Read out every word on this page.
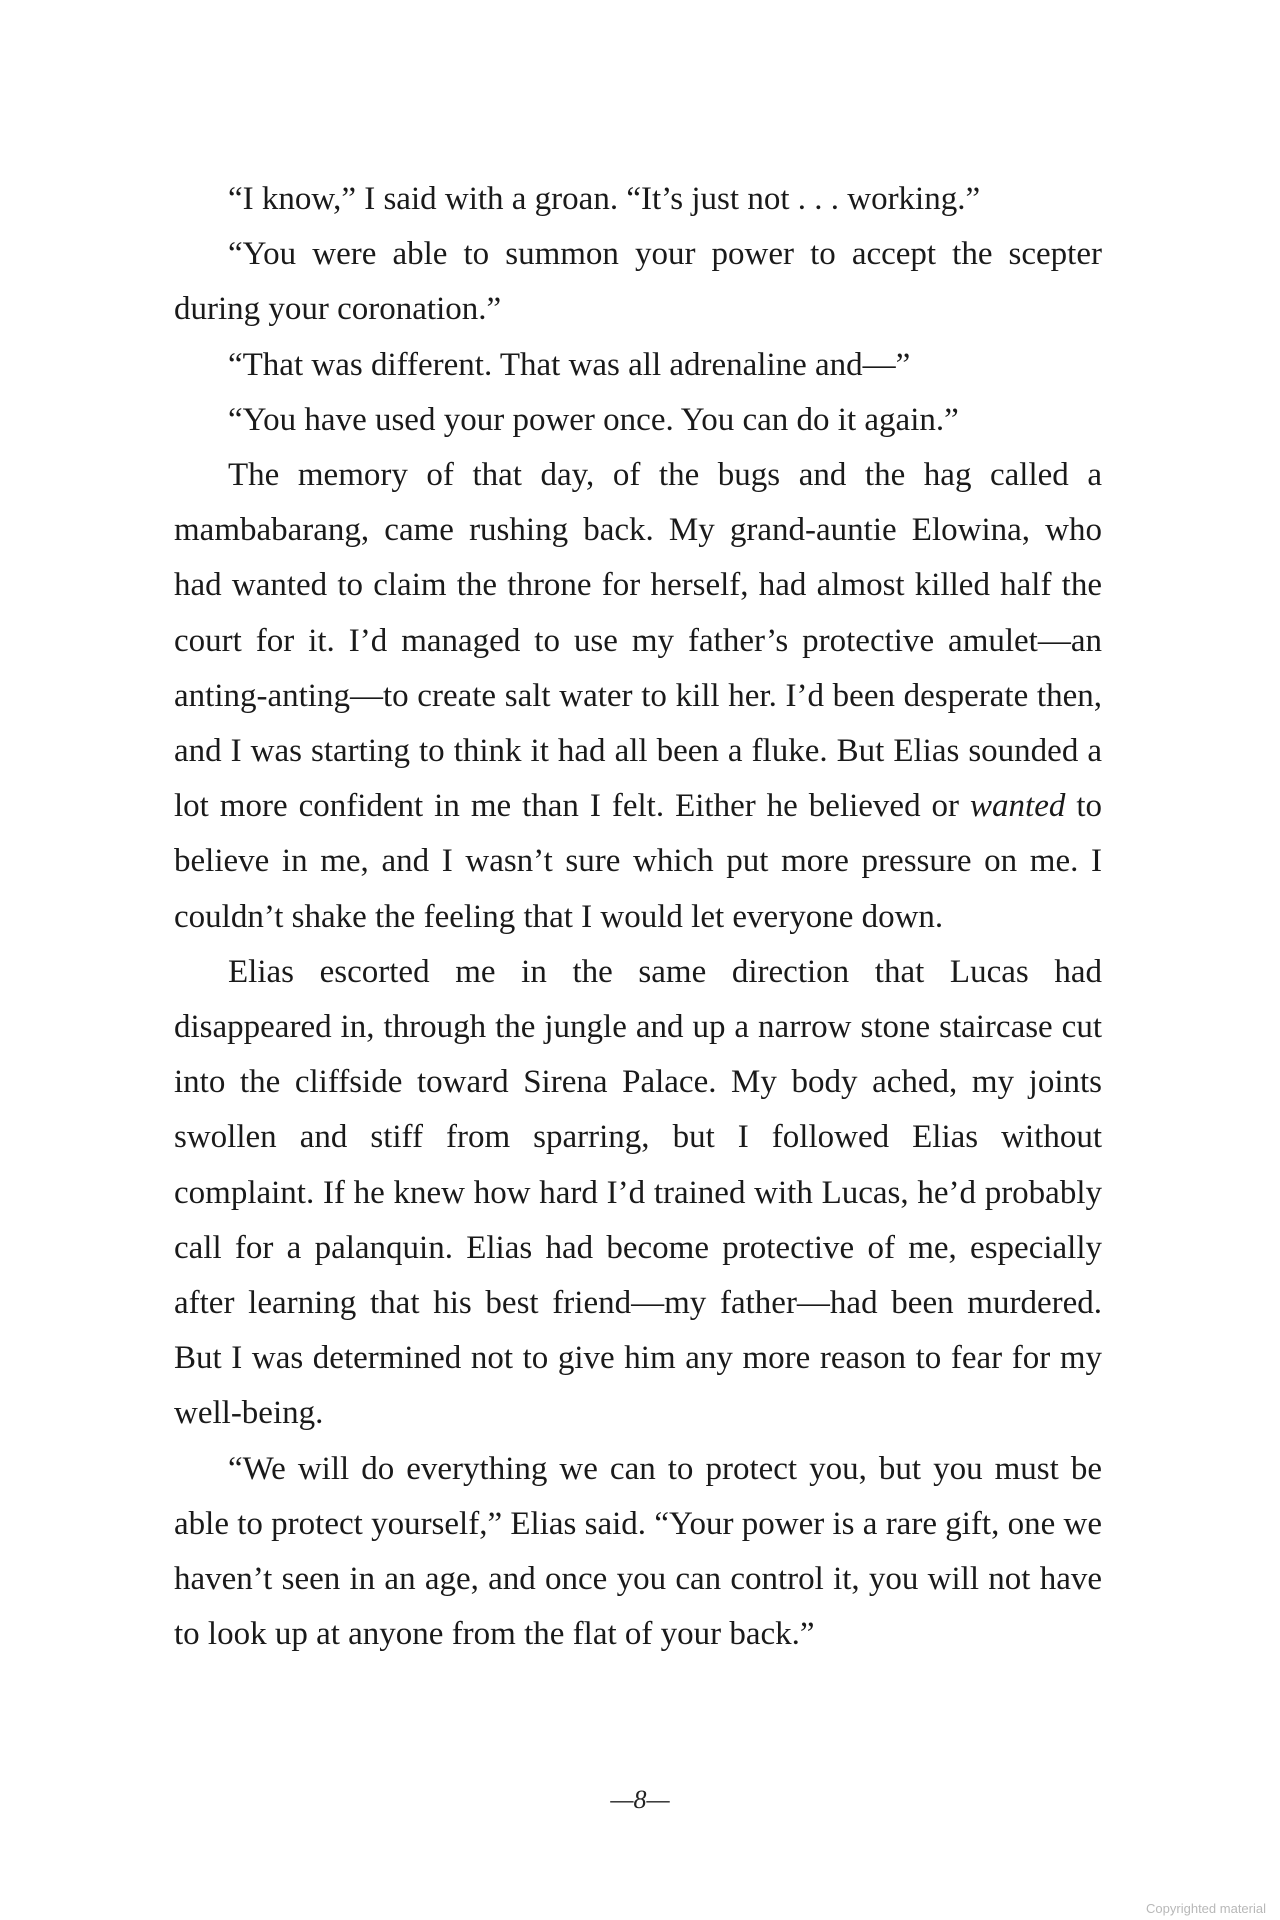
“I know,” I said with a groan. “It’s just not . . . working.”

“You were able to summon your power to accept the scepter during your coronation.”

“That was different. That was all adrenaline and—”

“You have used your power once. You can do it again.”

The memory of that day, of the bugs and the hag called a mambabarang, came rushing back. My grand-auntie Elowina, who had wanted to claim the throne for herself, had almost killed half the court for it. I’d managed to use my father’s protective amulet—an anting-anting—to create salt water to kill her. I’d been desperate then, and I was starting to think it had all been a fluke. But Elias sounded a lot more confident in me than I felt. Either he believed or wanted to believe in me, and I wasn’t sure which put more pressure on me. I couldn’t shake the feeling that I would let everyone down.

Elias escorted me in the same direction that Lucas had disappeared in, through the jungle and up a narrow stone staircase cut into the cliffside toward Sirena Palace. My body ached, my joints swollen and stiff from sparring, but I followed Elias without complaint. If he knew how hard I’d trained with Lucas, he’d probably call for a palanquin. Elias had become protective of me, especially after learning that his best friend—my father—had been murdered. But I was determined not to give him any more reason to fear for my well-being.

“We will do everything we can to protect you, but you must be able to protect yourself,” Elias said. “Your power is a rare gift, one we haven’t seen in an age, and once you can control it, you will not have to look up at anyone from the flat of your back.”

—8—
Copyrighted material
